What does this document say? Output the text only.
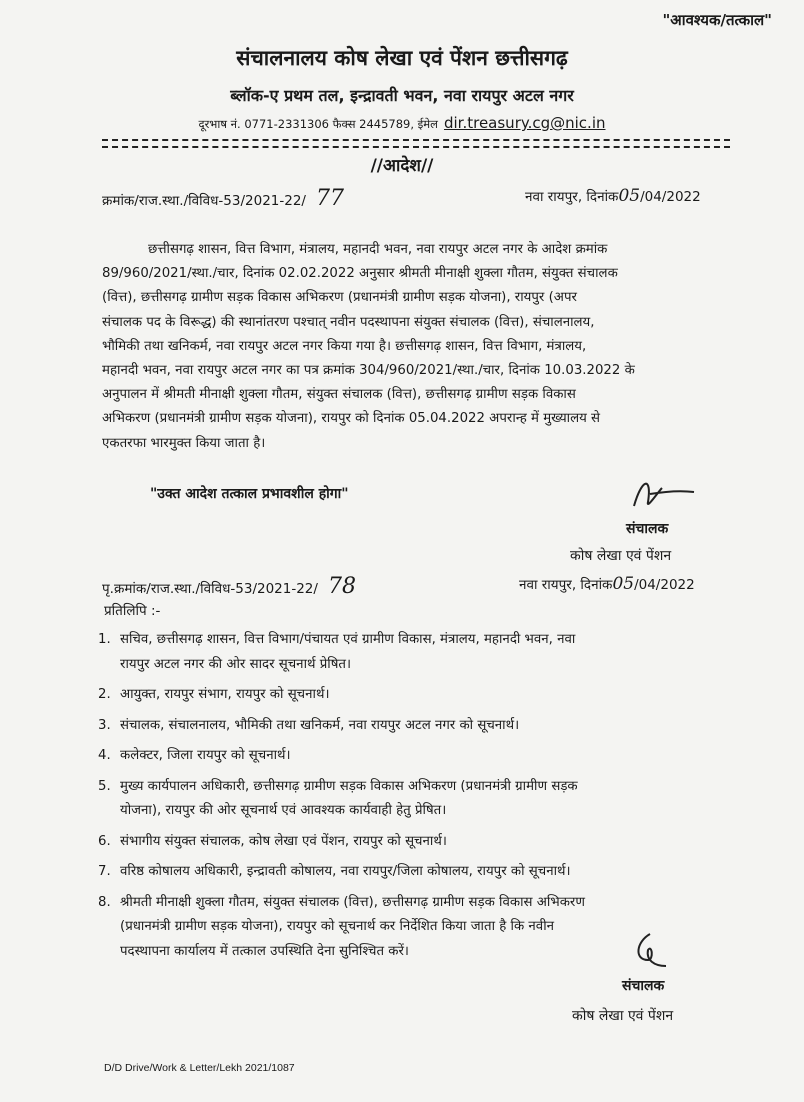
"आवश्यक/तत्काल"
संचालनालय कोष लेखा एवं पेंशन छत्तीसगढ़
ब्लॉक-ए प्रथम तल, इन्द्रावती भवन, नवा रायपुर अटल नगर
दूरभाष नं. 0771-2331306 फैक्स 2445789, ईमेल dir.treasury.cg@nic.in
//आदेश//
क्रमांक/राज.स्था./विविध-53/2021-22/ 77	नवा रायपुर, दिनांक05/04/2022
छत्तीसगढ़ शासन, वित्त विभाग, मंत्रालय, महानदी भवन, नवा रायपुर अटल नगर के आदेश क्रमांक
89/960/2021/स्था./चार, दिनांक 02.02.2022 अनुसार श्रीमती मीनाक्षी शुक्ला गौतम, संयुक्त संचालक
(वित्त), छत्तीसगढ़ ग्रामीण सड़क विकास अभिकरण (प्रधानमंत्री ग्रामीण सड़क योजना), रायपुर (अपर
संचालक पद के विरूद्ध) की स्थानांतरण पश्चात् नवीन पदस्थापना संयुक्त संचालक (वित्त), संचालनालय,
भौमिकी तथा खनिकर्म, नवा रायपुर अटल नगर किया गया है। छत्तीसगढ़ शासन, वित्त विभाग, मंत्रालय,
महानदी भवन, नवा रायपुर अटल नगर का पत्र क्रमांक 304/960/2021/स्था./चार, दिनांक 10.03.2022 के
अनुपालन में श्रीमती मीनाक्षी शुक्ला गौतम, संयुक्त संचालक (वित्त), छत्तीसगढ़ ग्रामीण सड़क विकास
अभिकरण (प्रधानमंत्री ग्रामीण सड़क योजना), रायपुर को दिनांक 05.04.2022 अपरान्ह में मुख्यालय से
एकतरफा भारमुक्त किया जाता है।
"उक्त आदेश तत्काल प्रभावशील होगा"
संचालक
कोष लेखा एवं पेंशन
पृ.क्रमांक/राज.स्था./विविध-53/2021-22/ 78	नवा रायपुर, दिनांक05/04/2022
प्रतिलिपि :-
1. सचिव, छत्तीसगढ़ शासन, वित्त विभाग/पंचायत एवं ग्रामीण विकास, मंत्रालय, महानदी भवन, नवा
रायपुर अटल नगर की ओर सादर सूचनार्थ प्रेषित।
2. आयुक्त, रायपुर संभाग, रायपुर को सूचनार्थ।
3. संचालक, संचालनालय, भौमिकी तथा खनिकर्म, नवा रायपुर अटल नगर को सूचनार्थ।
4. कलेक्टर, जिला रायपुर को सूचनार्थ।
5. मुख्य कार्यपालन अधिकारी, छत्तीसगढ़ ग्रामीण सड़क विकास अभिकरण (प्रधानमंत्री ग्रामीण सड़क
योजना), रायपुर की ओर सूचनार्थ एवं आवश्यक कार्यवाही हेतु प्रेषित।
6. संभागीय संयुक्त संचालक, कोष लेखा एवं पेंशन, रायपुर को सूचनार्थ।
7. वरिष्ठ कोषालय अधिकारी, इन्द्रावती कोषालय, नवा रायपुर/जिला कोषालय, रायपुर को सूचनार्थ।
8. श्रीमती मीनाक्षी शुक्ला गौतम, संयुक्त संचालक (वित्त), छत्तीसगढ़ ग्रामीण सड़क विकास अभिकरण
(प्रधानमंत्री ग्रामीण सड़क योजना), रायपुर को सूचनार्थ कर निर्देशित किया जाता है कि नवीन
पदस्थापना कार्यालय में तत्काल उपस्थिति देना सुनिश्चित करें।
संचालक
कोष लेखा एवं पेंशन
D/D Drive/Work & Letter/Lekh 2021/1087
